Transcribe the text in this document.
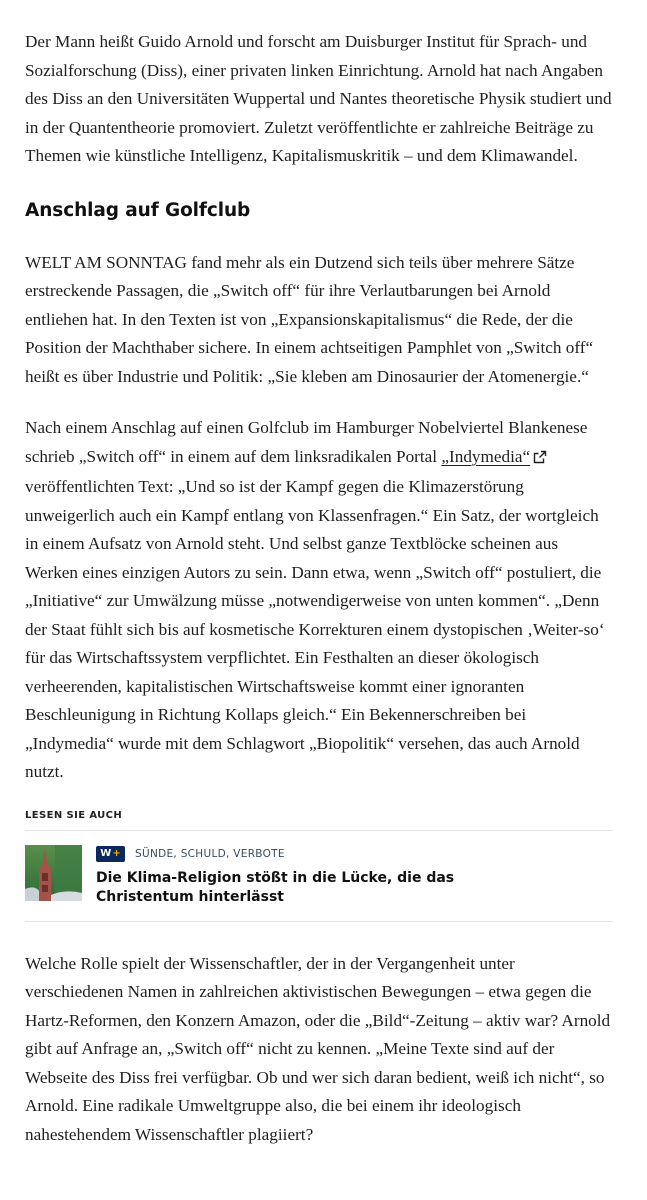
Der Mann heißt Guido Arnold und forscht am Duisburger Institut für Sprach- und Sozialforschung (Diss), einer privaten linken Einrichtung. Arnold hat nach Angaben des Diss an den Universitäten Wuppertal und Nantes theoretische Physik studiert und in der Quantentheorie promoviert. Zuletzt veröffentlichte er zahlreiche Beiträge zu Themen wie künstliche Intelligenz, Kapitalismuskritik – und dem Klimawandel.

Anschlag auf Golfclub

WELT AM SONNTAG fand mehr als ein Dutzend sich teils über mehrere Sätze erstreckende Passagen, die „Switch off“ für ihre Verlautbarungen bei Arnold entliehen hat. In den Texten ist von „Expansionskapitalismus“ die Rede, der die Position der Machthaber sichere. In einem achtseitigen Pamphlet von „Switch off“ heißt es über Industrie und Politik: „Sie kleben am Dinosaurier der Atomenergie.“

Nach einem Anschlag auf einen Golfclub im Hamburger Nobelviertel Blankenese schrieb „Switch off“ in einem auf dem linksradikalen Portal „Indymedia“ veröffentlichten Text: „Und so ist der Kampf gegen die Klimazerstörung unweigerlich auch ein Kampf entlang von Klassenfragen.“ Ein Satz, der wortgleich in einem Aufsatz von Arnold steht. Und selbst ganze Textblöcke scheinen aus Werken eines einzigen Autors zu sein. Dann etwa, wenn „Switch off“ postuliert, die „Initiative“ zur Umwälzung müsse „notwendigerweise von unten kommen“. „Denn der Staat fühlt sich bis auf kosmetische Korrekturen einem dystopischen ‚Weiter-so‘ für das Wirtschaftssystem verpflichtet. Ein Festhalten an dieser ökologisch verheerenden, kapitalistischen Wirtschaftsweise kommt einer ignoranten Beschleunigung in Richtung Kollaps gleich.“ Ein Bekennerschreiben bei „Indymedia“ wurde mit dem Schlagwort „Biopolitik“ versehen, das auch Arnold nutzt.

LESEN SIE AUCH
W + SÜNDE, SCHULD, VERBOTE
Die Klima-Religion stößt in die Lücke, die das Christentum hinterlässt

Welche Rolle spielt der Wissenschaftler, der in der Vergangenheit unter verschiedenen Namen in zahlreichen aktivistischen Bewegungen – etwa gegen die Hartz-Reformen, den Konzern Amazon, oder die „Bild“-Zeitung – aktiv war? Arnold gibt auf Anfrage an, „Switch off“ nicht zu kennen. „Meine Texte sind auf der Webseite des Diss frei verfügbar. Ob und wer sich daran bedient, weiß ich nicht“, so Arnold. Eine radikale Umweltgruppe also, die bei einem ihr ideologisch nahestehendem Wissenschaftler plagiiert?
